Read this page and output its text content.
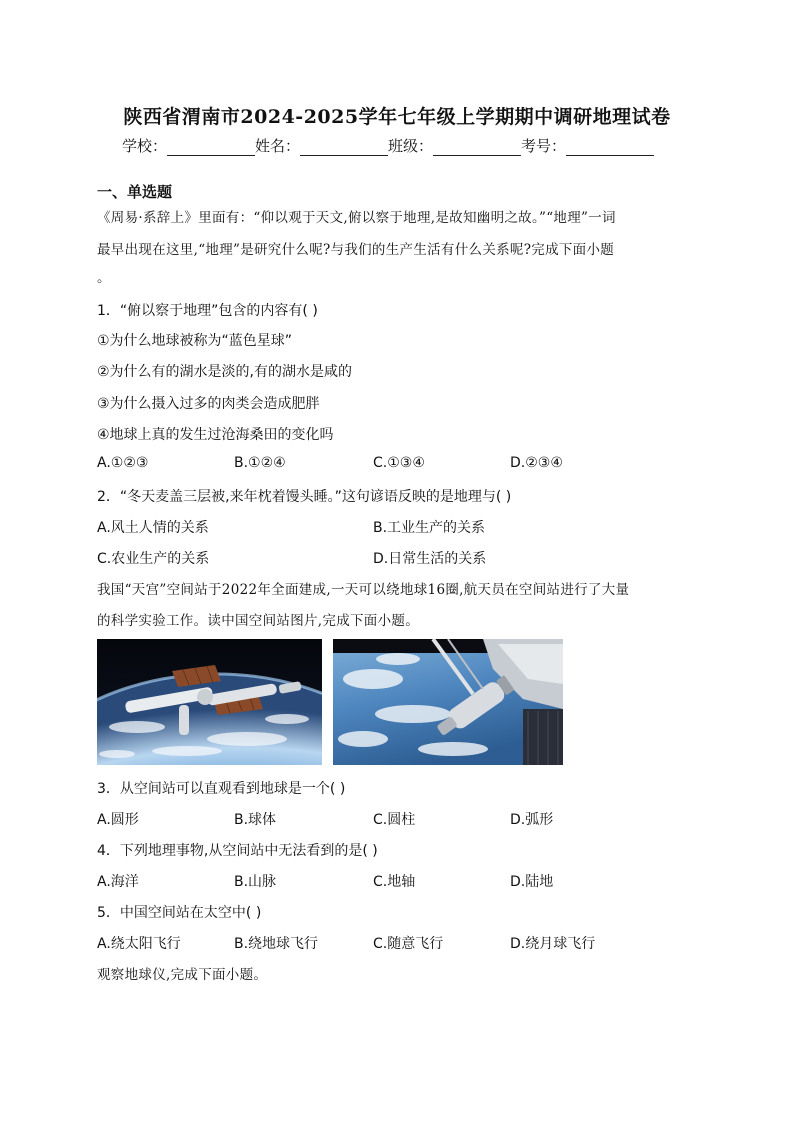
陕西省渭南市2024-2025学年七年级上学期期中调研地理试卷
学校：	姓名：	班级：	考号：
一、单选题
《周易·系辞上》里面有：“仰以观于天文,俯以察于地理,是故知幽明之故。”“地理”一词
最早出现在这里,“地理”是研究什么呢?与我们的生产生活有什么关系呢?完成下面小题
。
1．“俯以察于地理”包含的内容有( )
①为什么地球被称为“蓝色星球”
②为什么有的湖水是淡的,有的湖水是咸的
③为什么摄入过多的肉类会造成肥胖
④地球上真的发生过沧海桑田的变化吗
A.①②③	B.①②④	C.①③④	D.②③④
2．“冬天麦盖三层被,来年枕着馒头睡。”这句谚语反映的是地理与( )
A.风土人情的关系	B.工业生产的关系
C.农业生产的关系	D.日常生活的关系
我国“天宫”空间站于2022年全面建成,一天可以绕地球16圈,航天员在空间站进行了大量
的科学实验工作。读中国空间站图片,完成下面小题。
3．从空间站可以直观看到地球是一个( )
A.圆形	B.球体	C.圆柱	D.弧形
4．下列地理事物,从空间站中无法看到的是( )
A.海洋	B.山脉	C.地轴	D.陆地
5．中国空间站在太空中( )
A.绕太阳飞行	B.绕地球飞行	C.随意飞行	D.绕月球飞行
观察地球仪,完成下面小题。
